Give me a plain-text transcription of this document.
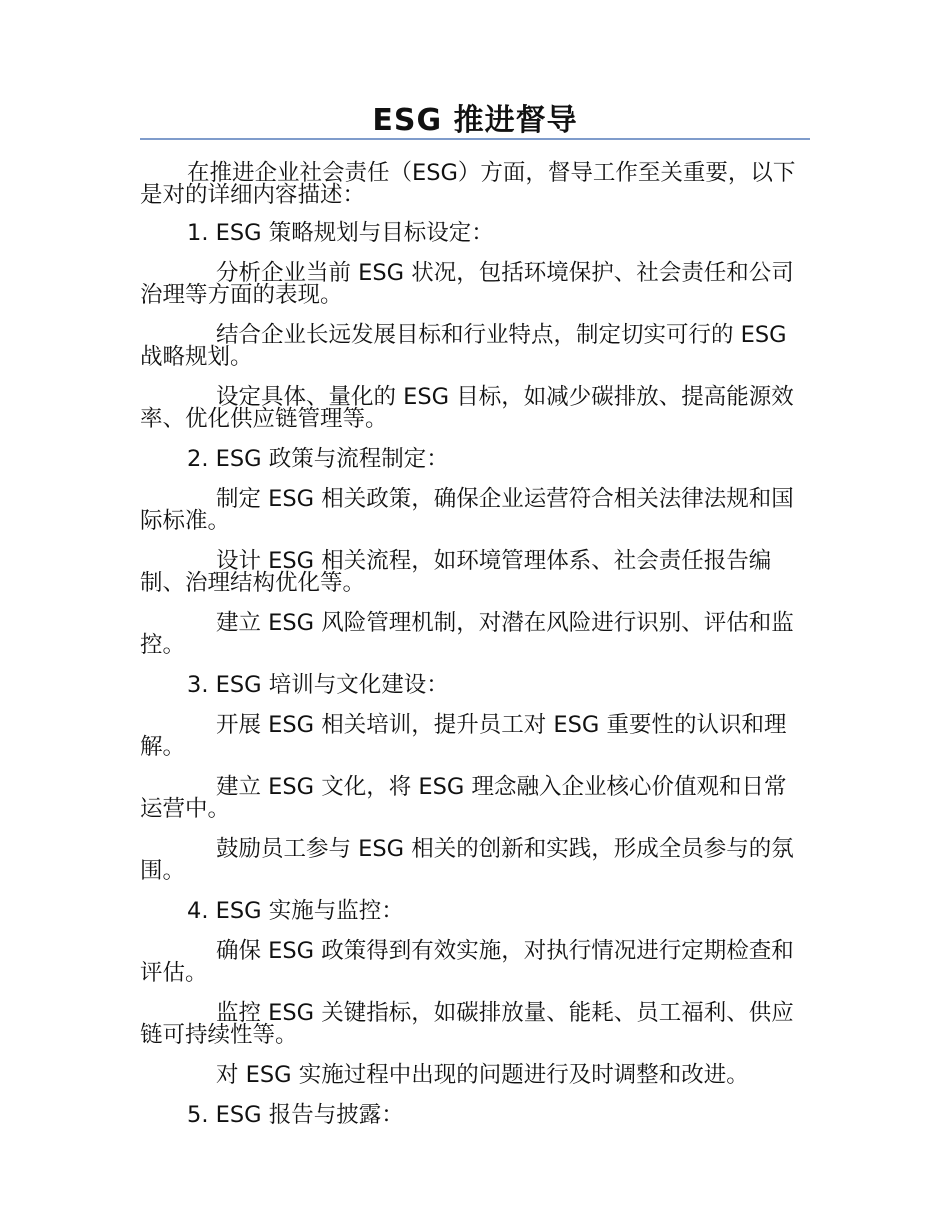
ESG 推进督导

在推进企业社会责任（ESG）方面，督导工作至关重要，以下是对的详细内容描述：

1. ESG 策略规划与目标设定：

分析企业当前 ESG 状况，包括环境保护、社会责任和公司治理等方面的表现。

结合企业长远发展目标和行业特点，制定切实可行的 ESG 战略规划。

设定具体、量化的 ESG 目标，如减少碳排放、提高能源效率、优化供应链管理等。

2. ESG 政策与流程制定：

制定 ESG 相关政策，确保企业运营符合相关法律法规和国际标准。

设计 ESG 相关流程，如环境管理体系、社会责任报告编制、治理结构优化等。

建立 ESG 风险管理机制，对潜在风险进行识别、评估和监控。

3. ESG 培训与文化建设：

开展 ESG 相关培训，提升员工对 ESG 重要性的认识和理解。

建立 ESG 文化，将 ESG 理念融入企业核心价值观和日常运营中。

鼓励员工参与 ESG 相关的创新和实践，形成全员参与的氛围。

4. ESG 实施与监控：

确保 ESG 政策得到有效实施，对执行情况进行定期检查和评估。

监控 ESG 关键指标，如碳排放量、能耗、员工福利、供应链可持续性等。

对 ESG 实施过程中出现的问题进行及时调整和改进。

5. ESG 报告与披露：
